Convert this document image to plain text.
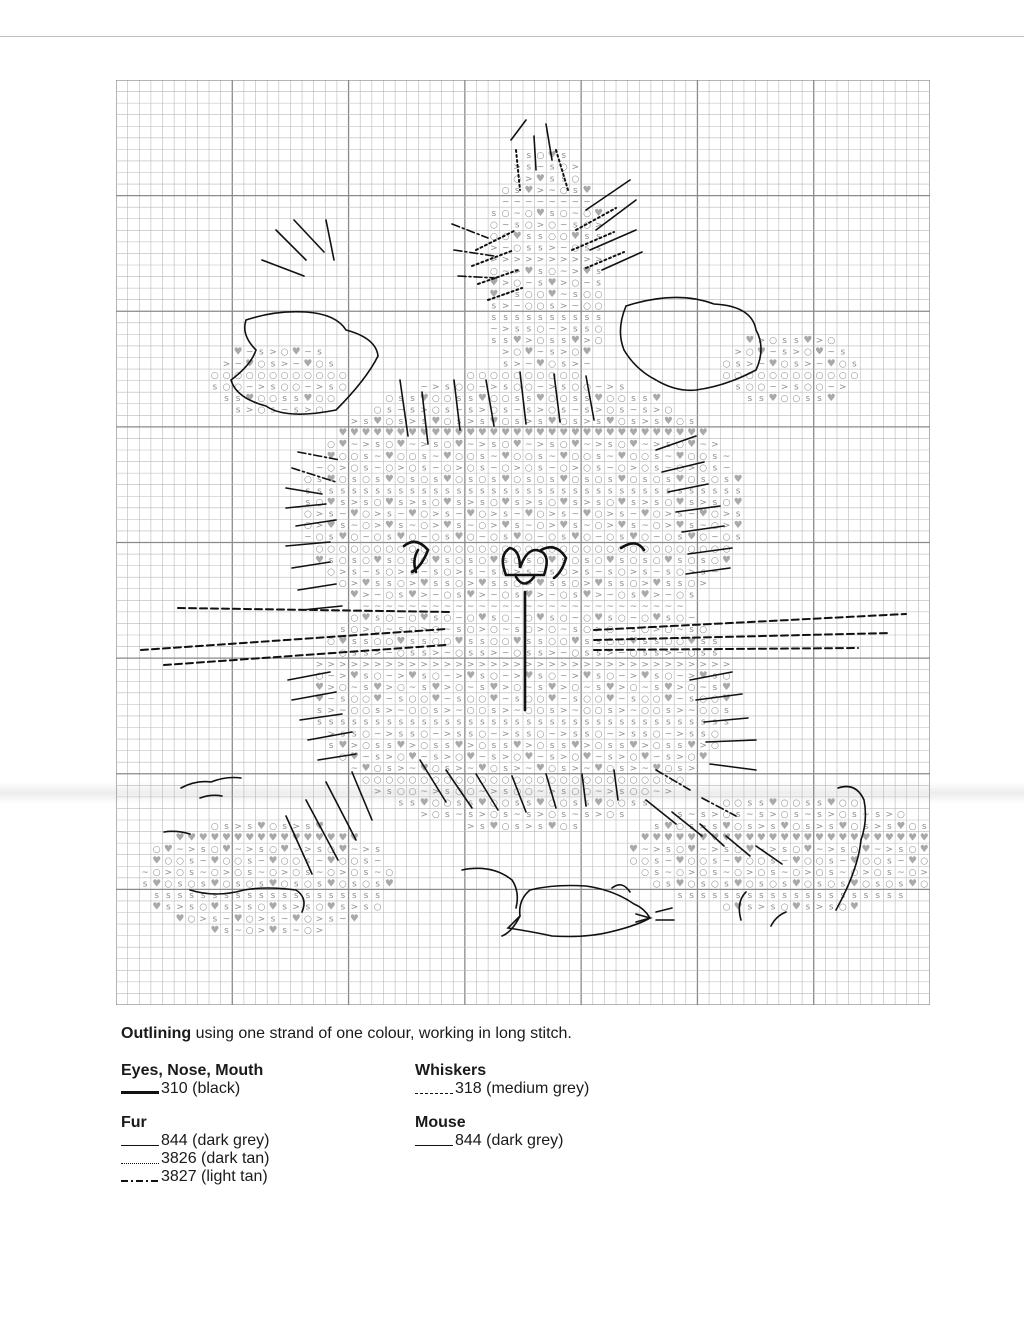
s ○ ♥ s
> s ~ s ○ >
○ > ♥ s s ○
○ s ♥ > ~ ○ s ♥
~ ~ ~ ~ ~ ~ ~ ~
s ○ ~ ○ ♥ s ○ ~ ○ ♥
○ ~ s ○ > ○ ~ s ○ >
○ ○ ♥ s s ○ ○ ♥ s s
> ~ ○ s s > ~ ○ s s
> > > > > > > > > >
○ ~ > ♥ s ○ ~ > ♥ s
♥ > ○ ~ s ♥ > ○ ~ s
♥ ~ s ○ ○ ♥ ~ s ○ ○
s > ~ ○ ○ s > ~ ○ ○
s s s s s s s s s s
~ > s s ○ ~ > s s ○
s s ♥ > ○ s s ♥ > ○	♥ > ○ s s ♥ > ○
♥ ~ s > ○ ♥ ~ s	> ○ ♥ ~ s > ○ ♥	> ○ ♥ ~ s > ○ ♥ ~ s
> ~ ♥ ○ s > ~ ♥ ○ s	s > ~ ♥ ○ s > ~	○ s > ~ ♥ ○ s > ~ ♥ ○ s
○ ○ ○ ○ ○ ○ ○ ○ ○ ○ ○ ○	○ ○ ○ ○ ○ ○ ○ ○ ○ ○	○ ○ ○ ○ ○ ○ ○ ○ ○ ○ ○ ○
s ○ ○ ~ > s ○ ○ ~ > s ○	~ > s ○ ○ ~ > s ○ ○ ~ > s ○ ○ ~ > s	s ○ ○ ~ > s ○ ○ ~ >
s s ♥ ○ ○ s s ♥ ○ ○	○ s s ♥ ○ ○ s s ♥ ○ ○ s s ♥ ○ ○ s s ♥ ○ ○ s s ♥	s s ♥ ○ ○ s s ♥
s > ○ s ~ s > ○	○ s ~ s > ○ s ~ s > ○ s ~ s > ○ s ~ s > ○ s ~ s > ○
> s ♥ ○ s > s ♥ ○ s > s ♥ ○ s > s ♥ ○ s > s ♥ ○ s > s ♥ ○ s
♥ ♥ ♥ ♥ ♥ ♥ ♥ ♥ ♥ ♥ ♥ ♥ ♥ ♥ ♥ ♥ ♥ ♥ ♥ ♥ ♥ ♥ ♥ ♥ ♥ ♥ ♥ ♥ ♥ ♥ ♥ ♥
○ ♥ ~ > s ○ ♥ ~ > s ○ ♥ ~ > s ○ ♥ ~ > s ○ ♥ ~ > s ○ ♥ ~ > s ○ ♥ ~ >
~ ♥ ○ ○ s ~ ♥ ○ ○ s ~ ♥ ○ ○ s ~ ♥ ○ ○ s ~ ♥ ○ ○ s ~ ♥ ○ ○ s ~ ♥ ○ ○ s ~
~ ○ > ○ s ~ ○ > ○ s ~ ○ > ○ s ~ ○ > ○ s ~ ○ > ○ s ~ ○ > ○ s ~ ○ > ○ s ~
○ s ♥ ○ s ○ s ♥ ○ s ○ s ♥ ○ s ○ s ♥ ○ s ○ s ♥ ○ s ○ s ♥ ○ s ○ s ♥ ○ s ○ s ♥
s s s s s s s s s s s s s s s s s s s s s s s s s s s s s s s s s s s s s s
s ○ ♥ s > s ○ ♥ s > s ○ ♥ s > s ○ ♥ s > s ○ ♥ s > s ○ ♥ s > s ○ ♥ s > s ○ ♥
○ > s ~ ♥ ○ > s ~ ♥ ○ > s ~ ♥ ○ > s ~ ♥ ○ > s ~ ♥ ○ > s ~ ♥ ○ > s ~ ♥ ○ > s
○ > ♥ s ~ ○ > ♥ s ~ ○ > ♥ s ~ ○ > ♥ s ~ ○ > ♥ s ~ ○ > ♥ s ~ ○ > ♥ s ~ ○ > ♥
~ ○ s ♥ ○ ~ ○ s ♥ ○ ~ ○ s ♥ ○ ~ ○ s ♥ ○ ~ ○ s ♥ ○ ~ ○ s ♥ ○ ~ ○ s ♥ ○ ~ ○ s
○ ○ ○ ○ ○ ○ ○ ○ ○ ○ ○ ○ ○ ○ ○ ○ ○ ○ ○ ○ ○ ○ ○ ○ ○ ○ ○ ○ ○ ○ ○ ○ ○ ○ ○ ○
♥ s ○ s ○ ♥ s ○ s ○ ♥ s ○ s ○ ♥ s ○ s ○ ♥ s ○ s ○ ♥ s ○ s ○ ♥ s ○ s ○ ♥
○ > s ~ s ○ > s ~ s ○ > s ~ s ○ > s ~ s ○ > s ~ s ○ > s ~ s ○ > s ~
○ > ♥ s s ○ > ♥ s s ○ > ♥ s s ○ > ♥ s s ○ > ♥ s s ○ > ♥ s s ○ >
♥ > ~ ○ s ♥ > ~ ○ s ♥ > ~ ○ s ♥ > ~ ○ s ♥ > ~ ○ s ♥ > ~ ○ s
~ ~ ~ ~ ~ ~ ~ ~ ~ ~ ~ ~ ~ ~ ~ ~ ~ ~ ~ ~ ~ ~ ~ ~ ~ ~ ~ ~
○ ♥ s ○ ~ ○ ♥ s ○ ~ ○ ♥ s ○ ~ ○ ♥ s ○ ~ ○ ♥ s ○ ~ ○ ♥ s ○ ~
s ○ > ○ ~ s ○ > ○ ~ s ○ > ○ ~ s ○ > ○ ~ s ○ > ○ ~ s ○ > ○ ~ s ○
○ ♥ s s ○ ○ ♥ s s ○ ○ ♥ s s ○ ○ ♥ s s ○ ○ ♥ s s ○ ○ ♥ s s ○ ○ ♥ s s
~ ○ s s > ~ ○ s s > ~ ○ s s > ~ ○ s s > ~ ○ s s > ~ ○ s s > ~ ○ s s
> > > > > > > > > > > > > > > > > > > > > > > > > > > > > > > > > > > >
○ ~ > ♥ s ○ ~ > ♥ s ○ ~ > ♥ s ○ ~ > ♥ s ○ ~ > ♥ s ○ ~ > ♥ s ○ ~ > ♥ s ○
♥ > ○ ~ s ♥ > ○ ~ s ♥ > ○ ~ s ♥ > ○ ~ s ♥ > ○ ~ s ♥ > ○ ~ s ♥ > ○ ~ s ♥
♥ ~ s ○ ○ ♥ ~ s ○ ○ ♥ ~ s ○ ○ ♥ ~ s ○ ○ ♥ ~ s ○ ○ ♥ ~ s ○ ○ ♥ ~ s ○ ○ ♥
s > ~ ○ ○ s > ~ ○ ○ s > ~ ○ ○ s > ~ ○ ○ s > ~ ○ ○ s > ~ ○ ○ s > ~ ○ ○ s
s s s s s s s s s s s s s s s s s s s s s s s s s s s s s s s s s s s s
> s s ○ ~ > s s ○ ~ > s s ○ ~ > s s ○ ~ > s s ○ ~ > s s ○ ~ > s s ○
s ♥ > ○ s s ♥ > ○ s s ♥ > ○ s s ♥ > ○ s s ♥ > ○ s s ♥ > ○ s s ♥ > ○
○ ♥ ~ s > ○ ♥ ~ s > ○ ♥ ~ s > ○ ♥ ~ s > ○ ♥ ~ s > ○ ♥ ~ s > ○ ♥
~ ♥ ○ s > ~ ♥ ○ s > ~ ♥ ○ s > ~ ♥ ○ s > ~ ♥ ○ s > ~ ♥ ○ s >
○ ○ ○ ○ ○ ○ ○ ○ ○ ○ ○ ○ ○ ○ ○ ○ ○ ○ ○ ○ ○ ○ ○ ○ ○ ○ ○ ○
> s ○ ○ ~ > s ○ ○ ~ > s ○ ○ ~ > s ○ ○ ~ > s ○ ○ ~ >
s s ♥ ○ ○ s s ♥ ○ ○ s s ♥ ○ ○ s s ♥ ○ ○ s s	○ ○ s s ♥ ○ ○ s s ♥ ○ ○
> ○ s ~ s > ○ s ~ s > ○ s ~ s > ○ s	s ~ s > ○ s ~ s > ○ s ~ s > ○ s ~ s > ○
○ s > s ♥ ○ s > s ♥	> s ♥ ○ s > s ♥ ○ s	s ♥ ○ s > s ♥ ○ s > s ♥ ○ s > s ♥ ○ s > s ♥ ○ s
♥ ♥ ♥ ♥ ♥ ♥ ♥ ♥ ♥ ♥ ♥ ♥ ♥ ♥ ♥ ♥	♥ ♥ ♥ ♥ ♥ ♥ ♥ ♥ ♥ ♥ ♥ ♥ ♥ ♥ ♥ ♥ ♥ ♥ ♥ ♥ ♥ ♥ ♥ ♥ ♥
○ ♥ ~ > s ○ ♥ ~ > s ○ ♥ ~ > s ○ ♥ ~ > s	♥ ~ > s ○ ♥ ~ > s ○ ♥ ~ > s ○ ♥ ~ > s ○ ♥ ~ > s ○ ♥
♥ ○ ○ s ~ ♥ ○ ○ s ~ ♥ ○ ○ s ~ ♥ ○ ○ s ~	○ ○ s ~ ♥ ○ ○ s ~ ♥ ○ ○ s ~ ♥ ○ ○ s ~ ♥ ○ ○ s ~ ♥ ○
~ ○ > ○ s ~ ○ > ○ s ~ ○ > ○ s ~ ○ > ○ s ~ ○	○ s ~ ○ > ○ s ~ ○ > ○ s ~ ○ > ○ s ~ ○ > ○ s ~ ○ >
s ♥ ○ s ○ s ♥ ○ s ○ s ♥ ○ s ○ s ♥ ○ s ○ s ♥	○ s ♥ ○ s ○ s ♥ ○ s ○ s ♥ ○ s ○ s ♥ ○ s ○ s ♥ ○
s s s s s s s s s s s s s s s s s s s s	s s s s s s s s s s s s s s s s s s s s
♥ s > s ○ ♥ s > s ○ ♥ s > s ○ ♥ s > s ○	○ ♥ s > s ○ ♥ s > s ○ ♥
♥ ○ > s ~ ♥ ○ > s ~ ♥ ○ > s ~ ♥
♥ s ~ ○ > ♥ s ~ ○ >
Outlining using one strand of one colour, working in long stitch.
Eyes, Nose, Mouth
310 (black)
Fur
844 (dark grey)
3826 (dark tan)
3827 (light tan)
Whiskers
318 (medium grey)
Mouse
844 (dark grey)
